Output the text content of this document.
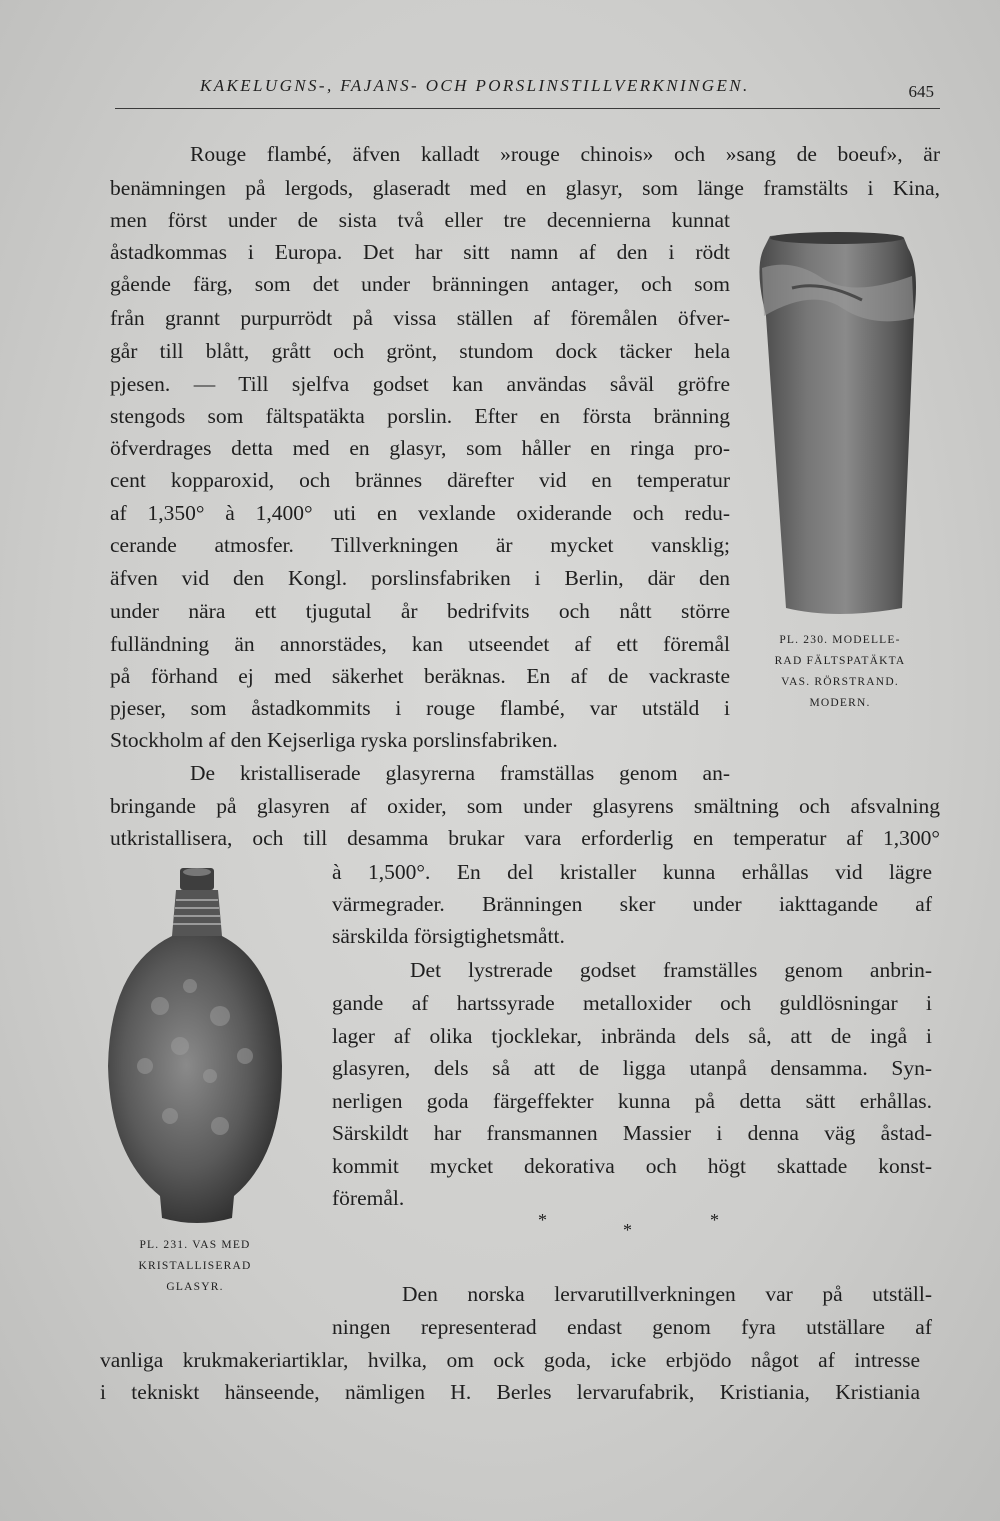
KAKELUGNS-, FAJANS- OCH PORSLINSTILLVERKNINGEN.	645
Rouge flambé, äfven kalladt »rouge chinois» och »sang de boeuf», är
benämningen på lergods, glaseradt med en glasyr, som länge framstälts i Kina,
men först under de sista två eller tre decennierna kunnat
åstadkommas i Europa. Det har sitt namn af den i rödt
gående färg, som det under bränningen antager, och som
från grannt purpurrödt på vissa ställen af föremålen öfver-
går till blått, grått och grönt, stundom dock täcker hela
pjesen. — Till sjelfva godset kan användas såväl gröfre
stengods som fältspatäkta porslin. Efter en första bränning
öfverdrages detta med en glasyr, som håller en ringa pro-
cent kopparoxid, och brännes därefter vid en temperatur
af 1,350° à 1,400° uti en vexlande oxiderande och redu-
cerande atmosfer. Tillverkningen är mycket vansklig;
äfven vid den Kongl. porslinsfabriken i Berlin, där den
under nära ett tjugutal år bedrifvits och nått större
fulländning än annorstädes, kan utseendet af ett föremål
på förhand ej med säkerhet beräknas. En af de vackraste
pjeser, som åstadkommits i rouge flambé, var utstäld i
Stockholm af den Kejserliga ryska porslinsfabriken.
De kristalliserade glasyrerna framställas genom an-
bringande på glasyren af oxider, som under glasyrens smältning och afsvalning
utkristallisera, och till desamma brukar vara erforderlig en temperatur af 1,300°
à 1,500°. En del kristaller kunna erhållas vid lägre
värmegrader. Bränningen sker under iakttagande af
särskilda försigtighetsmått.
Det lystrerade godset framställes genom anbrin-
gande af hartssyrade metalloxider och guldlösningar i
lager af olika tjocklekar, inbrända dels så, att de ingå i
glasyren, dels så att de ligga utanpå densamma. Syn-
nerligen goda färgeffekter kunna på detta sätt erhållas.
Särskildt har fransmannen Massier i denna väg åstad-
kommit mycket dekorativa och högt skattade konst-
föremål.
*	*	*
Den norska lervarutillverkningen var på utställ-
ningen representerad endast genom fyra utställare af
vanliga krukmakeriartiklar, hvilka, om ock goda, icke erbjödo något af intresse
i tekniskt hänseende, nämligen H. Berles lervarufabrik, Kristiania, Kristiania
PL. 230. MODELLE-
RAD FÄLTSPATÄKTA
VAS. RÖRSTRAND.
MODERN.
PL. 231. VAS MED
KRISTALLISERAD
GLASYR.
